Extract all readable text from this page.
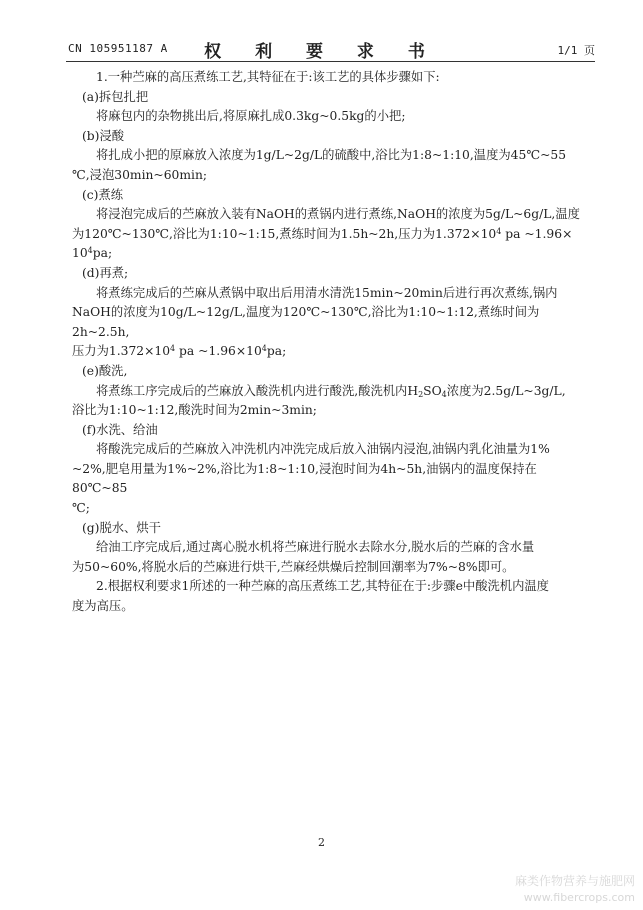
CN 105951187 A	权 利 要 求 书	1/1 页

1.一种苎麻的高压煮练工艺,其特征在于:该工艺的具体步骤如下:

(a)拆包扎把

将麻包内的杂物挑出后,将原麻扎成0.3kg~0.5kg的小把;

(b)浸酸

将扎成小把的原麻放入浓度为1g/L~2g/L的硫酸中,浴比为1:8~1:10,温度为45℃~55

℃,浸泡30min~60min;

(c)煮练

将浸泡完成后的苎麻放入装有NaOH的煮锅内进行煮练,NaOH的浓度为5g/L~6g/L,温度

为120℃~130℃,浴比为1:10~1:15,煮练时间为1.5h~2h,压力为$1.372\times 10^4$ pa ~1.96×

$10^4pa$;

(d)再煮;

将煮练完成后的苎麻从煮锅中取出后用清水清洗15min~20min后进行再次煮练,锅内

NaOH的浓度为10g/L~12g/L,温度为120℃~130℃,浴比为1:10~1:12,煮练时间为2h~2.5h,

压力为$1.372\times 10^4$ pa $\sim 1.96\times 10^4pa$;

(e)酸洗,

将煮练工序完成后的苎麻放入酸洗机内进行酸洗,酸洗机内$H_2SO_4$浓度为2.5g/L~3g/L,

浴比为1:10~1:12,酸洗时间为2min~3min;

(f)水洗、给油

将酸洗完成后的苎麻放入冲洗机内冲洗完成后放入油锅内浸泡,油锅内乳化油量为1%

~2%,肥皂用量为1%~2%,浴比为1:8~1:10,浸泡时间为4h~5h,油锅内的温度保持在80℃~85

℃;

(g)脱水、烘干

给油工序完成后,通过离心脱水机将苎麻进行脱水去除水分,脱水后的苎麻的含水量

为50~60%,将脱水后的苎麻进行烘干,苎麻经烘燥后控制回潮率为7%~8%即可。

2.根据权利要求1所述的一种苎麻的高压煮练工艺,其特征在于:步骤e中酸洗机内温度

度为高压。

2
麻类作物营养与施肥网
www.fibercrops.com
